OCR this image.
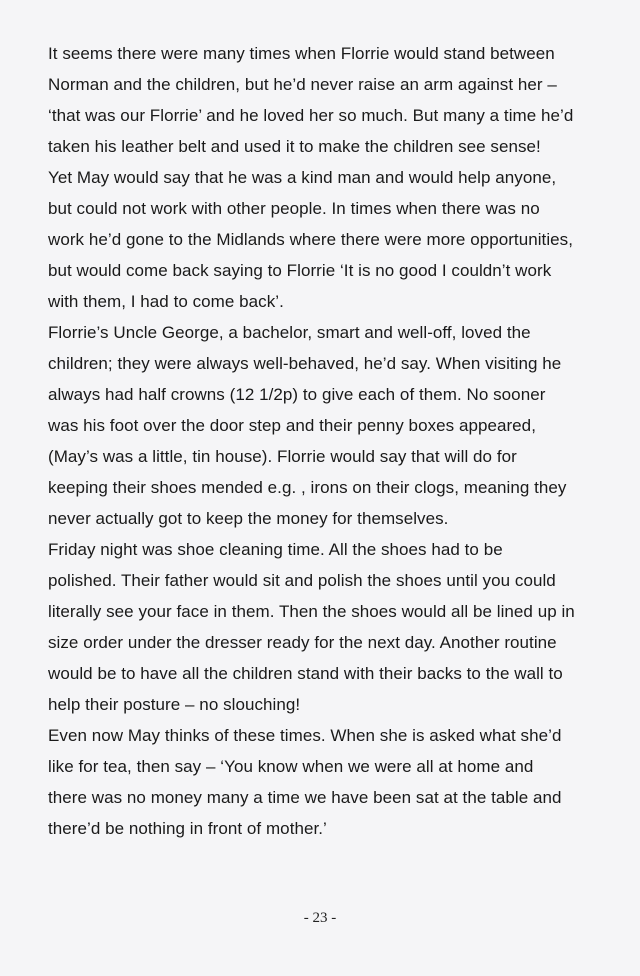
It seems there were many times when Florrie would stand between
Norman and the children, but he’d never raise an arm against her –
‘that was our Florrie’ and he loved her so much. But many a time he’d
taken his leather belt and used it to make the children see sense!
Yet May would say that he was a kind man and would help anyone,
but could not work with other people. In times when there was no
work he’d gone to the Midlands where there were more opportunities,
but would come back saying to Florrie ‘It is no good I couldn’t work
with them, I had to come back’.
Florrie’s Uncle George, a bachelor, smart and well-off, loved the
children; they were always well-behaved, he’d say. When visiting he
always had half crowns (12 1/2p) to give each of them. No sooner
was his foot over the door step and their penny boxes appeared,
(May’s was a little, tin house). Florrie would say that will do for
keeping their shoes mended e.g. , irons on their clogs, meaning they
never actually got to keep the money for themselves.
Friday night was shoe cleaning time. All the shoes had to be
polished. Their father would sit and polish the shoes until you could
literally see your face in them. Then the shoes would all be lined up in
size order under the dresser ready for the next day. Another routine
would be to have all the children stand with their backs to the wall to
help their posture – no slouching!
Even now May thinks of these times. When she is asked what she’d
like for tea, then say – ‘You know when we were all at home and
there was no money many a time we have been sat at the table and
there’d be nothing in front of mother.’
- 23 -
